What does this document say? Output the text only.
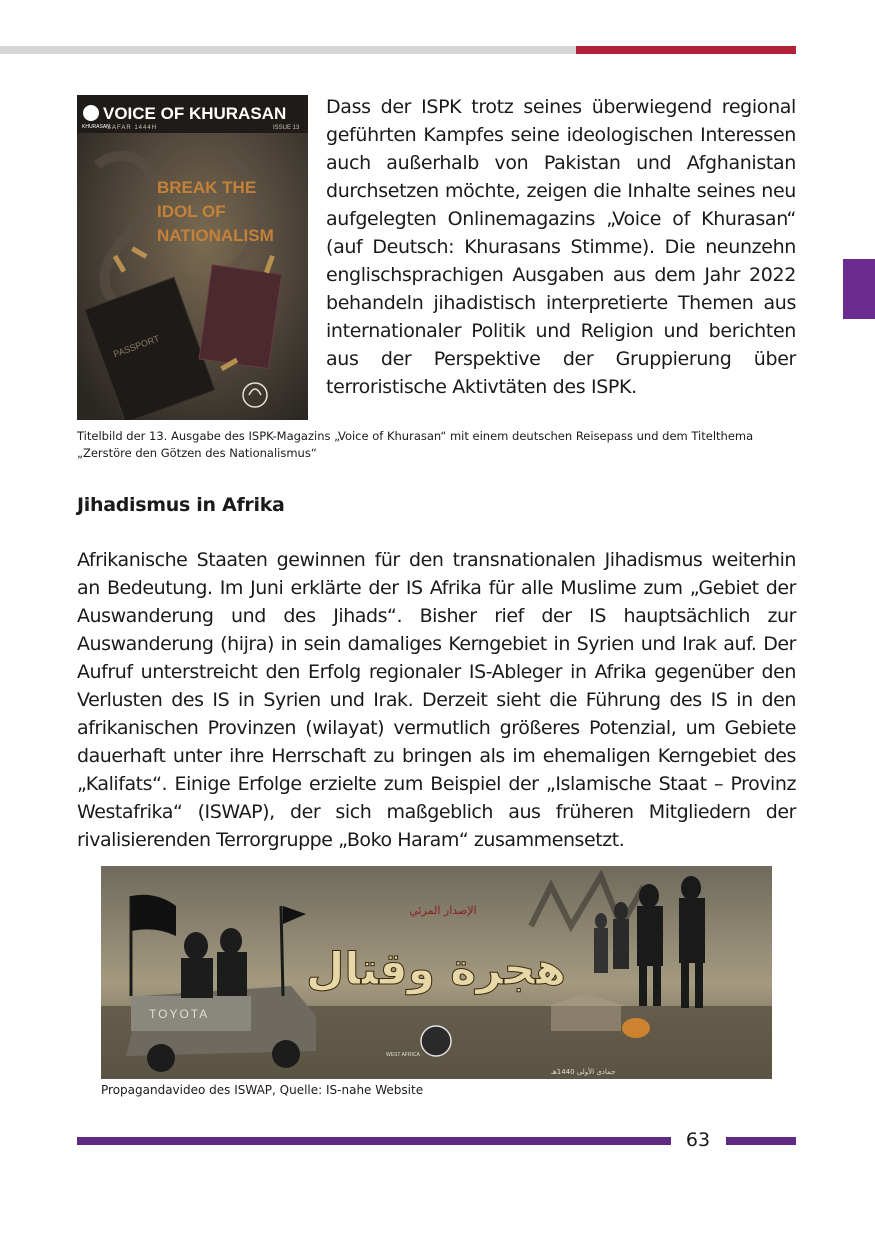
VOICE OF KHURASAN
KHURASAN
SAFAR 1444H	ISSUE 13
BREAK THE
IDOL OF
NATIONALISM
PASSPORT

Dass der ISPK trotz seines überwiegend regional geführten Kampfes seine ideologischen Interessen auch außerhalb von Pakistan und Afghanistan durchsetzen möchte, zeigen die Inhalte seines neu aufgelegten Onlinemagazins „Voice of Khurasan“ (auf Deutsch: Khurasans Stimme). Die neunzehn englischsprachigen Ausgaben aus dem Jahr 2022 behandeln jihadistisch interpretierte Themen aus internationaler Politik und Religion und berichten aus der Perspektive der Gruppierung über terroristische Aktivtäten des ISPK.

Titelbild der 13. Ausgabe des ISPK-Magazins „Voice of Khurasan“ mit einem deutschen Reisepass und dem Titelthema „Zerstöre den Götzen des Nationalismus“

Jihadismus in Afrika

Afrikanische Staaten gewinnen für den transnationalen Jihadismus weiterhin an Bedeutung. Im Juni erklärte der IS Afrika für alle Muslime zum „Gebiet der Auswanderung und des Jihads“. Bisher rief der IS hauptsächlich zur Auswanderung (hijra) in sein damaliges Kerngebiet in Syrien und Irak auf. Der Aufruf unterstreicht den Erfolg regionaler IS-Ableger in Afrika gegenüber den Verlusten des IS in Syrien und Irak. Derzeit sieht die Führung des IS in den afrikanischen Provinzen (wilayat) vermutlich größeres Potenzial, um Gebiete dauerhaft unter ihre Herrschaft zu bringen als im ehemaligen Kerngebiet des „Kalifats“. Einige Erfolge erzielte zum Beispiel der „Islamische Staat – Provinz Westafrika“ (ISWAP), der sich maßgeblich aus früheren Mitgliedern der rivalisierenden Terrorgruppe „Boko Haram“ zusammensetzt.

TOYOTA
الإصدار المرئي
هجرة وقتال
WEST AFRICA
جمادى الأولى 1440هـ

Propagandavideo des ISWAP, Quelle: IS-nahe Website

63
